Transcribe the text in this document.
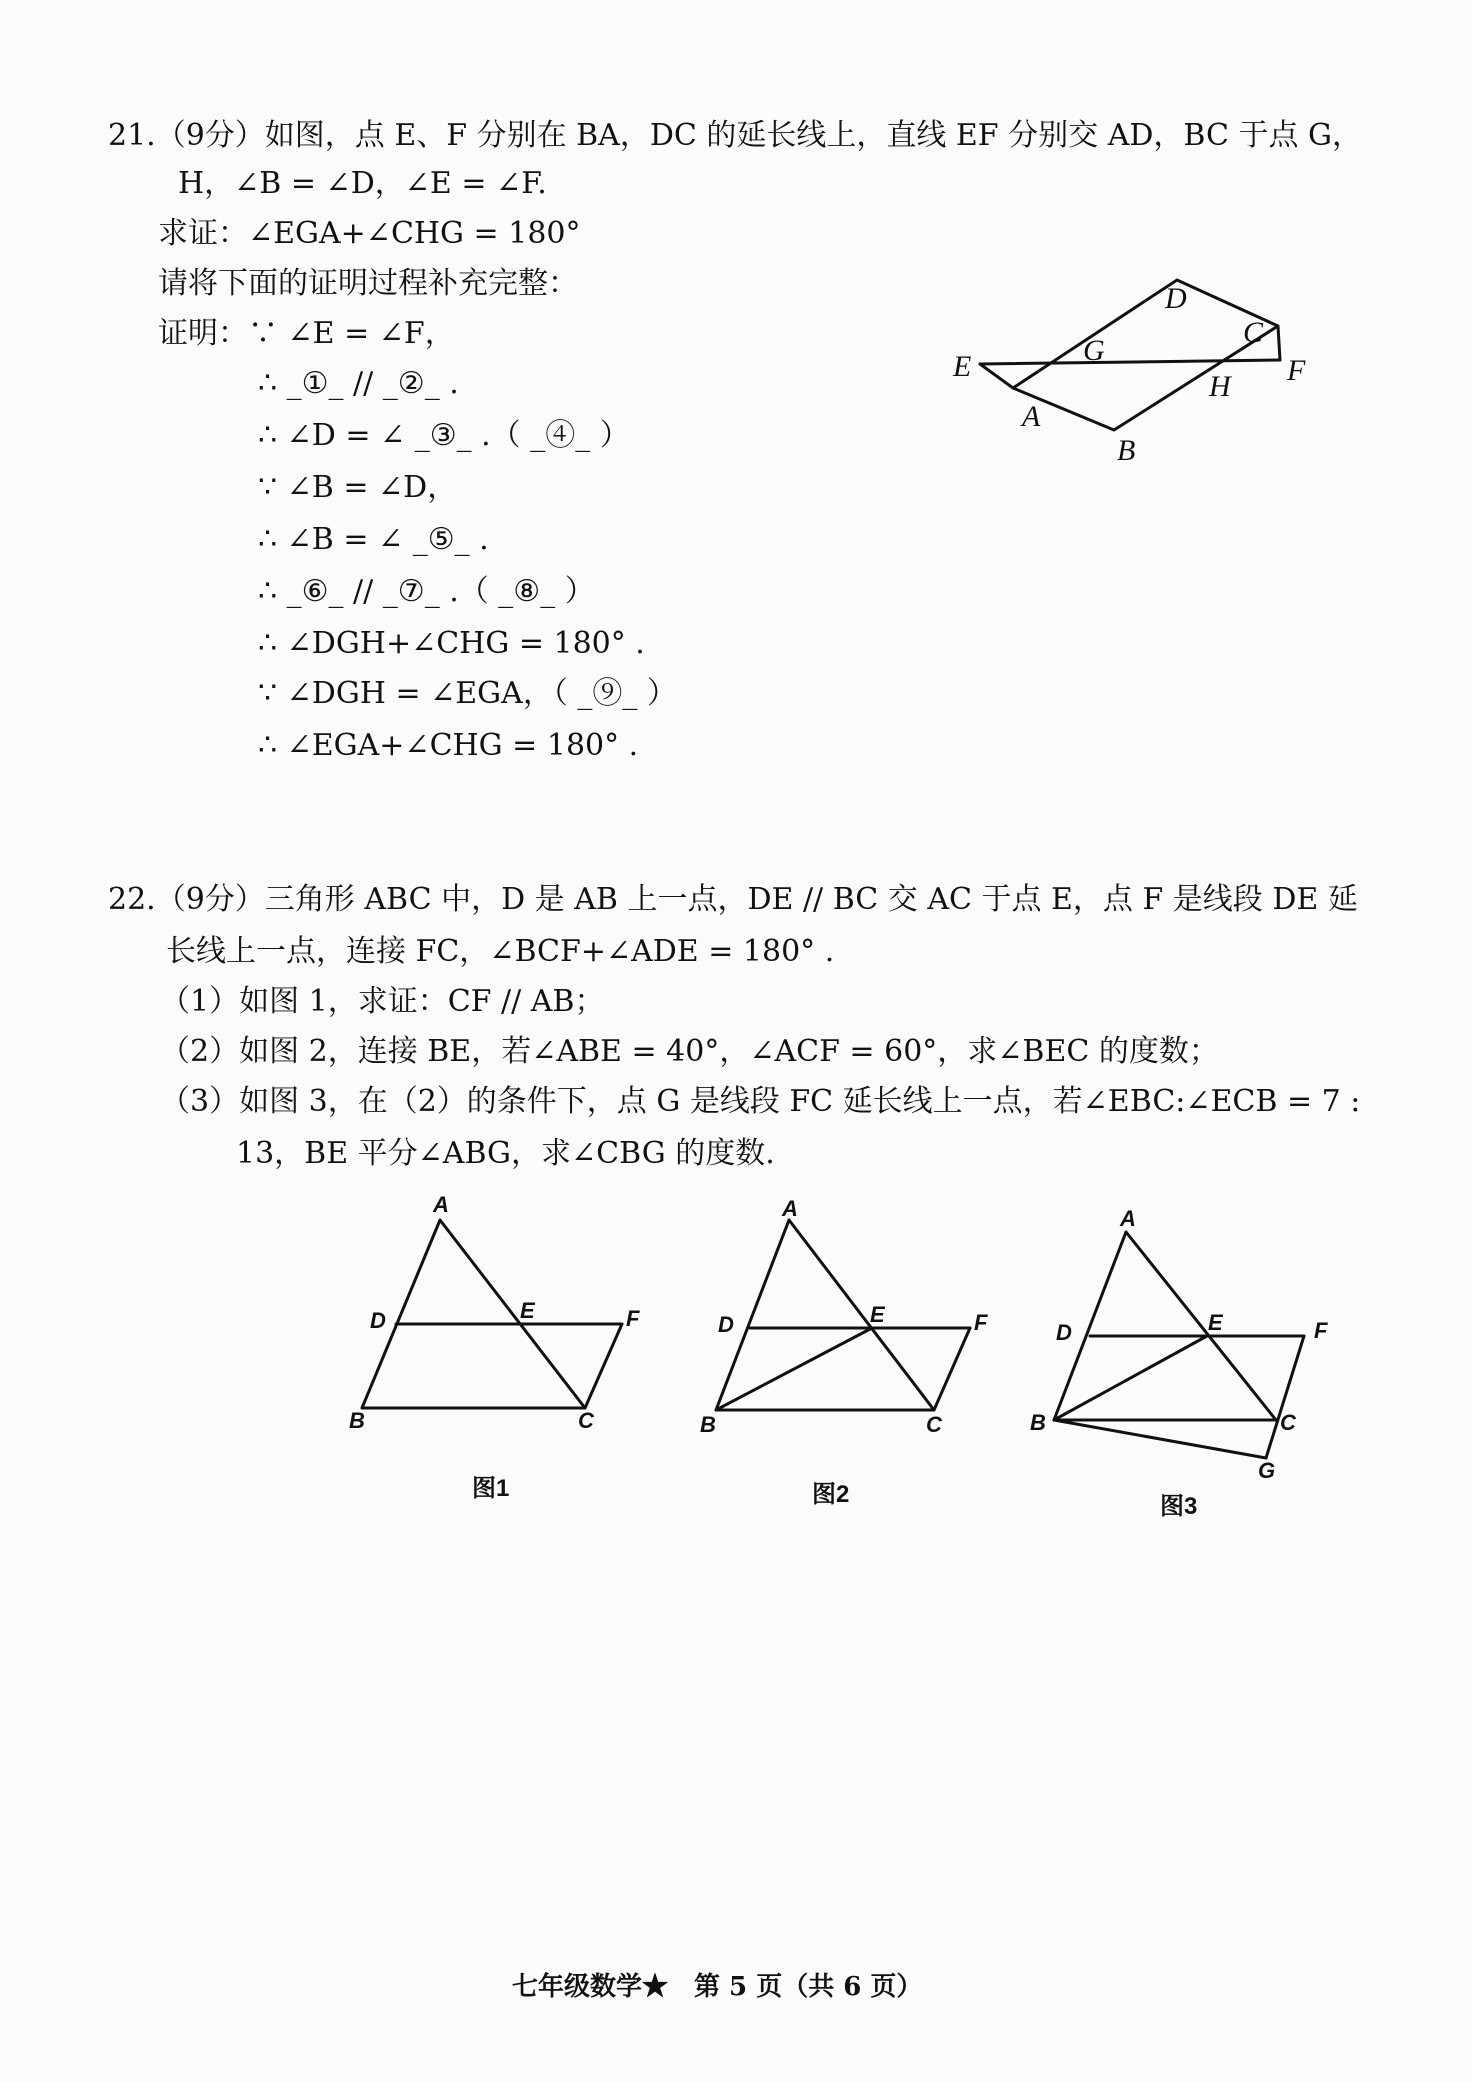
21.（9分）如图，点 E、F 分别在 BA，DC 的延长线上，直线 EF 分别交 AD，BC 于点 G，
H，∠B = ∠D，∠E = ∠F.
求证：∠EGA+∠CHG = 180°
请将下面的证明过程补充完整：
证明：∵ ∠E = ∠F，
∴ _①_ // _②_ .
∴ ∠D = ∠ _③_ .（ _④_ ）
∵ ∠B = ∠D，
∴ ∠B = ∠ _⑤_ .
∴ _⑥_ // _⑦_ .（ _⑧_ ）
∴ ∠DGH+∠CHG = 180° .
∵ ∠DGH = ∠EGA，（ _⑨_ ）
∴ ∠EGA+∠CHG = 180° .
D
C
E	G
H F
A
B
22.（9分）三角形 ABC 中，D 是 AB 上一点，DE // BC 交 AC 于点 E，点 F 是线段 DE 延
长线上一点，连接 FC，∠BCF+∠ADE = 180° .
（1）如图 1，求证：CF // AB；
（2）如图 2，连接 BE，若∠ABE = 40°，∠ACF = 60°，求∠BEC 的度数；
（3）如图 3，在（2）的条件下，点 G 是线段 FC 延长线上一点，若∠EBC:∠ECB = 7 :
13，BE 平分∠ABG，求∠CBG 的度数.
A
D	E	F
B	C
图1
A
D	E	F
B	C
图2
A
D	E	F
B	C
G
图3
七年级数学★　第 5 页（共 6 页）
